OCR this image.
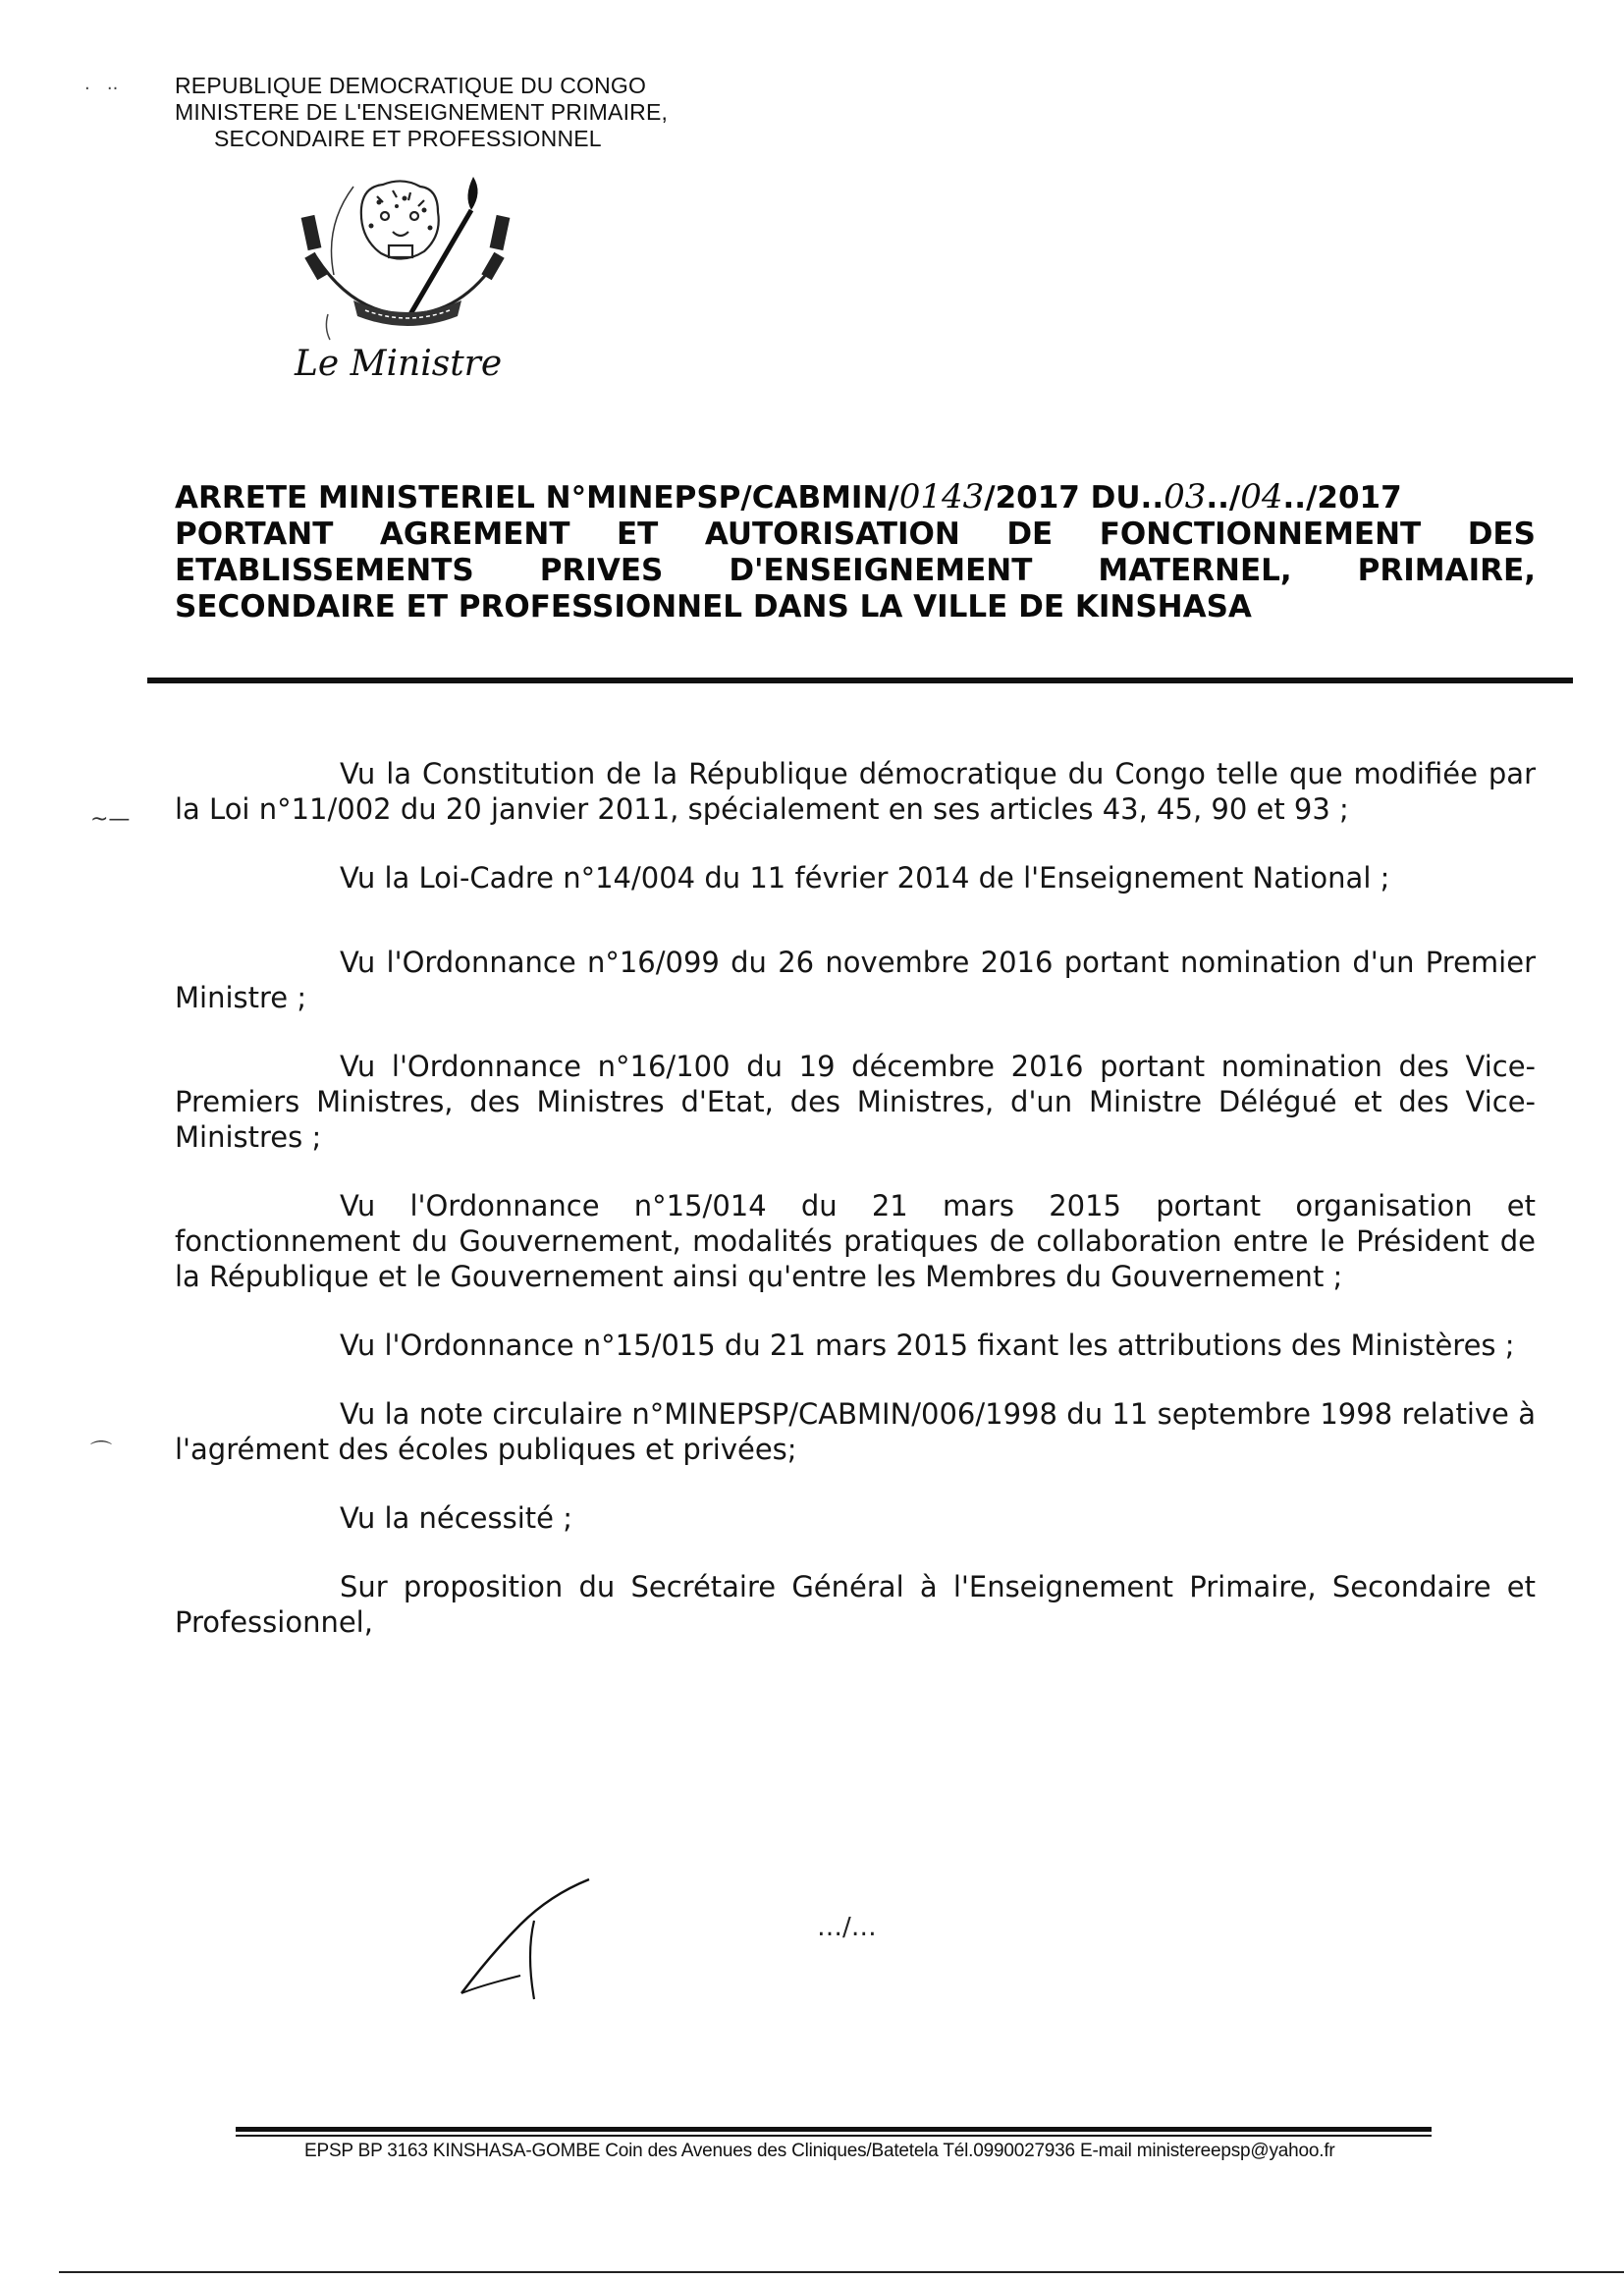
·   ··	REPUBLIQUE DEMOCRATIQUE DU CONGO
MINISTERE DE L'ENSEIGNEMENT PRIMAIRE,
SECONDAIRE ET PROFESSIONNEL
Le Ministre
ARRETE MINISTERIEL N°MINEPSP/CABMIN/0143/2017 DU..03../04../2017
PORTANT AGREMENT ET AUTORISATION DE FONCTIONNEMENT DES
ETABLISSEMENTS PRIVES D'ENSEIGNEMENT MATERNEL, PRIMAIRE,
SECONDAIRE ET PROFESSIONNEL DANS LA VILLE DE KINSHASA
~—
⌒

Vu la Constitution de la République démocratique du Congo telle que modifiée par la Loi n°11/002 du 20 janvier 2011, spécialement en ses articles 43, 45, 90 et 93 ;

Vu la Loi-Cadre n°14/004 du 11 février 2014 de l'Enseignement National ;

Vu l'Ordonnance n°16/099 du 26 novembre 2016 portant nomination d'un Premier Ministre ;

Vu l'Ordonnance n°16/100 du 19 décembre 2016 portant nomination des Vice-Premiers Ministres, des Ministres d'Etat, des Ministres, d'un Ministre Délégué et des Vice-Ministres ;

Vu l'Ordonnance n°15/014 du 21 mars 2015 portant organisation et fonctionnement du Gouvernement, modalités pratiques de collaboration entre le Président de la République et le Gouvernement ainsi qu'entre les Membres du Gouvernement ;

Vu l'Ordonnance n°15/015 du 21 mars 2015 fixant les attributions des Ministères ;

Vu la note circulaire n°MINEPSP/CABMIN/006/1998 du 11 septembre 1998 relative à l'agrément des écoles publiques et privées;

Vu la nécessité ;

Sur proposition du Secrétaire Général à l'Enseignement Primaire, Secondaire et Professionnel,

…/…
EPSP BP 3163 KINSHASA-GOMBE Coin des Avenues des Cliniques/Batetela Tél.0990027936 E-mail ministereepsp@yahoo.fr
